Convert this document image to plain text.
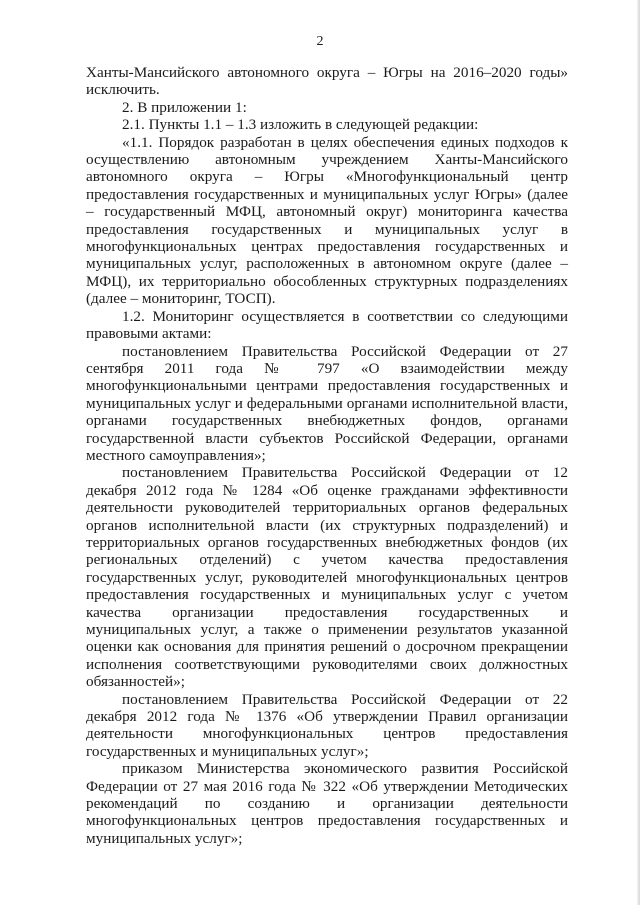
2

Ханты-Мансийского автономного округа – Югры на 2016–2020 годы» исключить.

2. В приложении 1:

2.1. Пункты 1.1 – 1.3 изложить в следующей редакции:

«1.1. Порядок разработан в целях обеспечения единых подходов к осуществлению автономным учреждением Ханты-Мансийского автономного округа – Югры «Многофункциональный центр предоставления государственных и муниципальных услуг Югры» (далее – государственный МФЦ, автономный округ) мониторинга качества предоставления государственных и муниципальных услуг в многофункциональных центрах предоставления государственных и муниципальных услуг, расположенных в автономном округе (далее – МФЦ), их территориально обособленных структурных подразделениях (далее – мониторинг, ТОСП).

1.2. Мониторинг осуществляется в соответствии со следующими правовыми актами:

постановлением Правительства Российской Федерации от 27 сентября 2011 года № 797 «О взаимодействии между многофункциональными центрами предоставления государственных и муниципальных услуг и федеральными органами исполнительной власти, органами государственных внебюджетных фондов, органами государственной власти субъектов Российской Федерации, органами местного самоуправления»;

постановлением Правительства Российской Федерации от 12 декабря 2012 года № 1284 «Об оценке гражданами эффективности деятельности руководителей территориальных органов федеральных органов исполнительной власти (их структурных подразделений) и территориальных органов государственных внебюджетных фондов (их региональных отделений) с учетом качества предоставления государственных услуг, руководителей многофункциональных центров предоставления государственных и муниципальных услуг с учетом качества организации предоставления государственных и муниципальных услуг, а также о применении результатов указанной оценки как основания для принятия решений о досрочном прекращении исполнения соответствующими руководителями своих должностных обязанностей»;

постановлением Правительства Российской Федерации от 22 декабря 2012 года № 1376 «Об утверждении Правил организации деятельности многофункциональных центров предоставления государственных и муниципальных услуг»;

приказом Министерства экономического развития Российской Федерации от 27 мая 2016 года № 322 «Об утверждении Методических рекомендаций по созданию и организации деятельности многофункциональных центров предоставления государственных и муниципальных услуг»;
